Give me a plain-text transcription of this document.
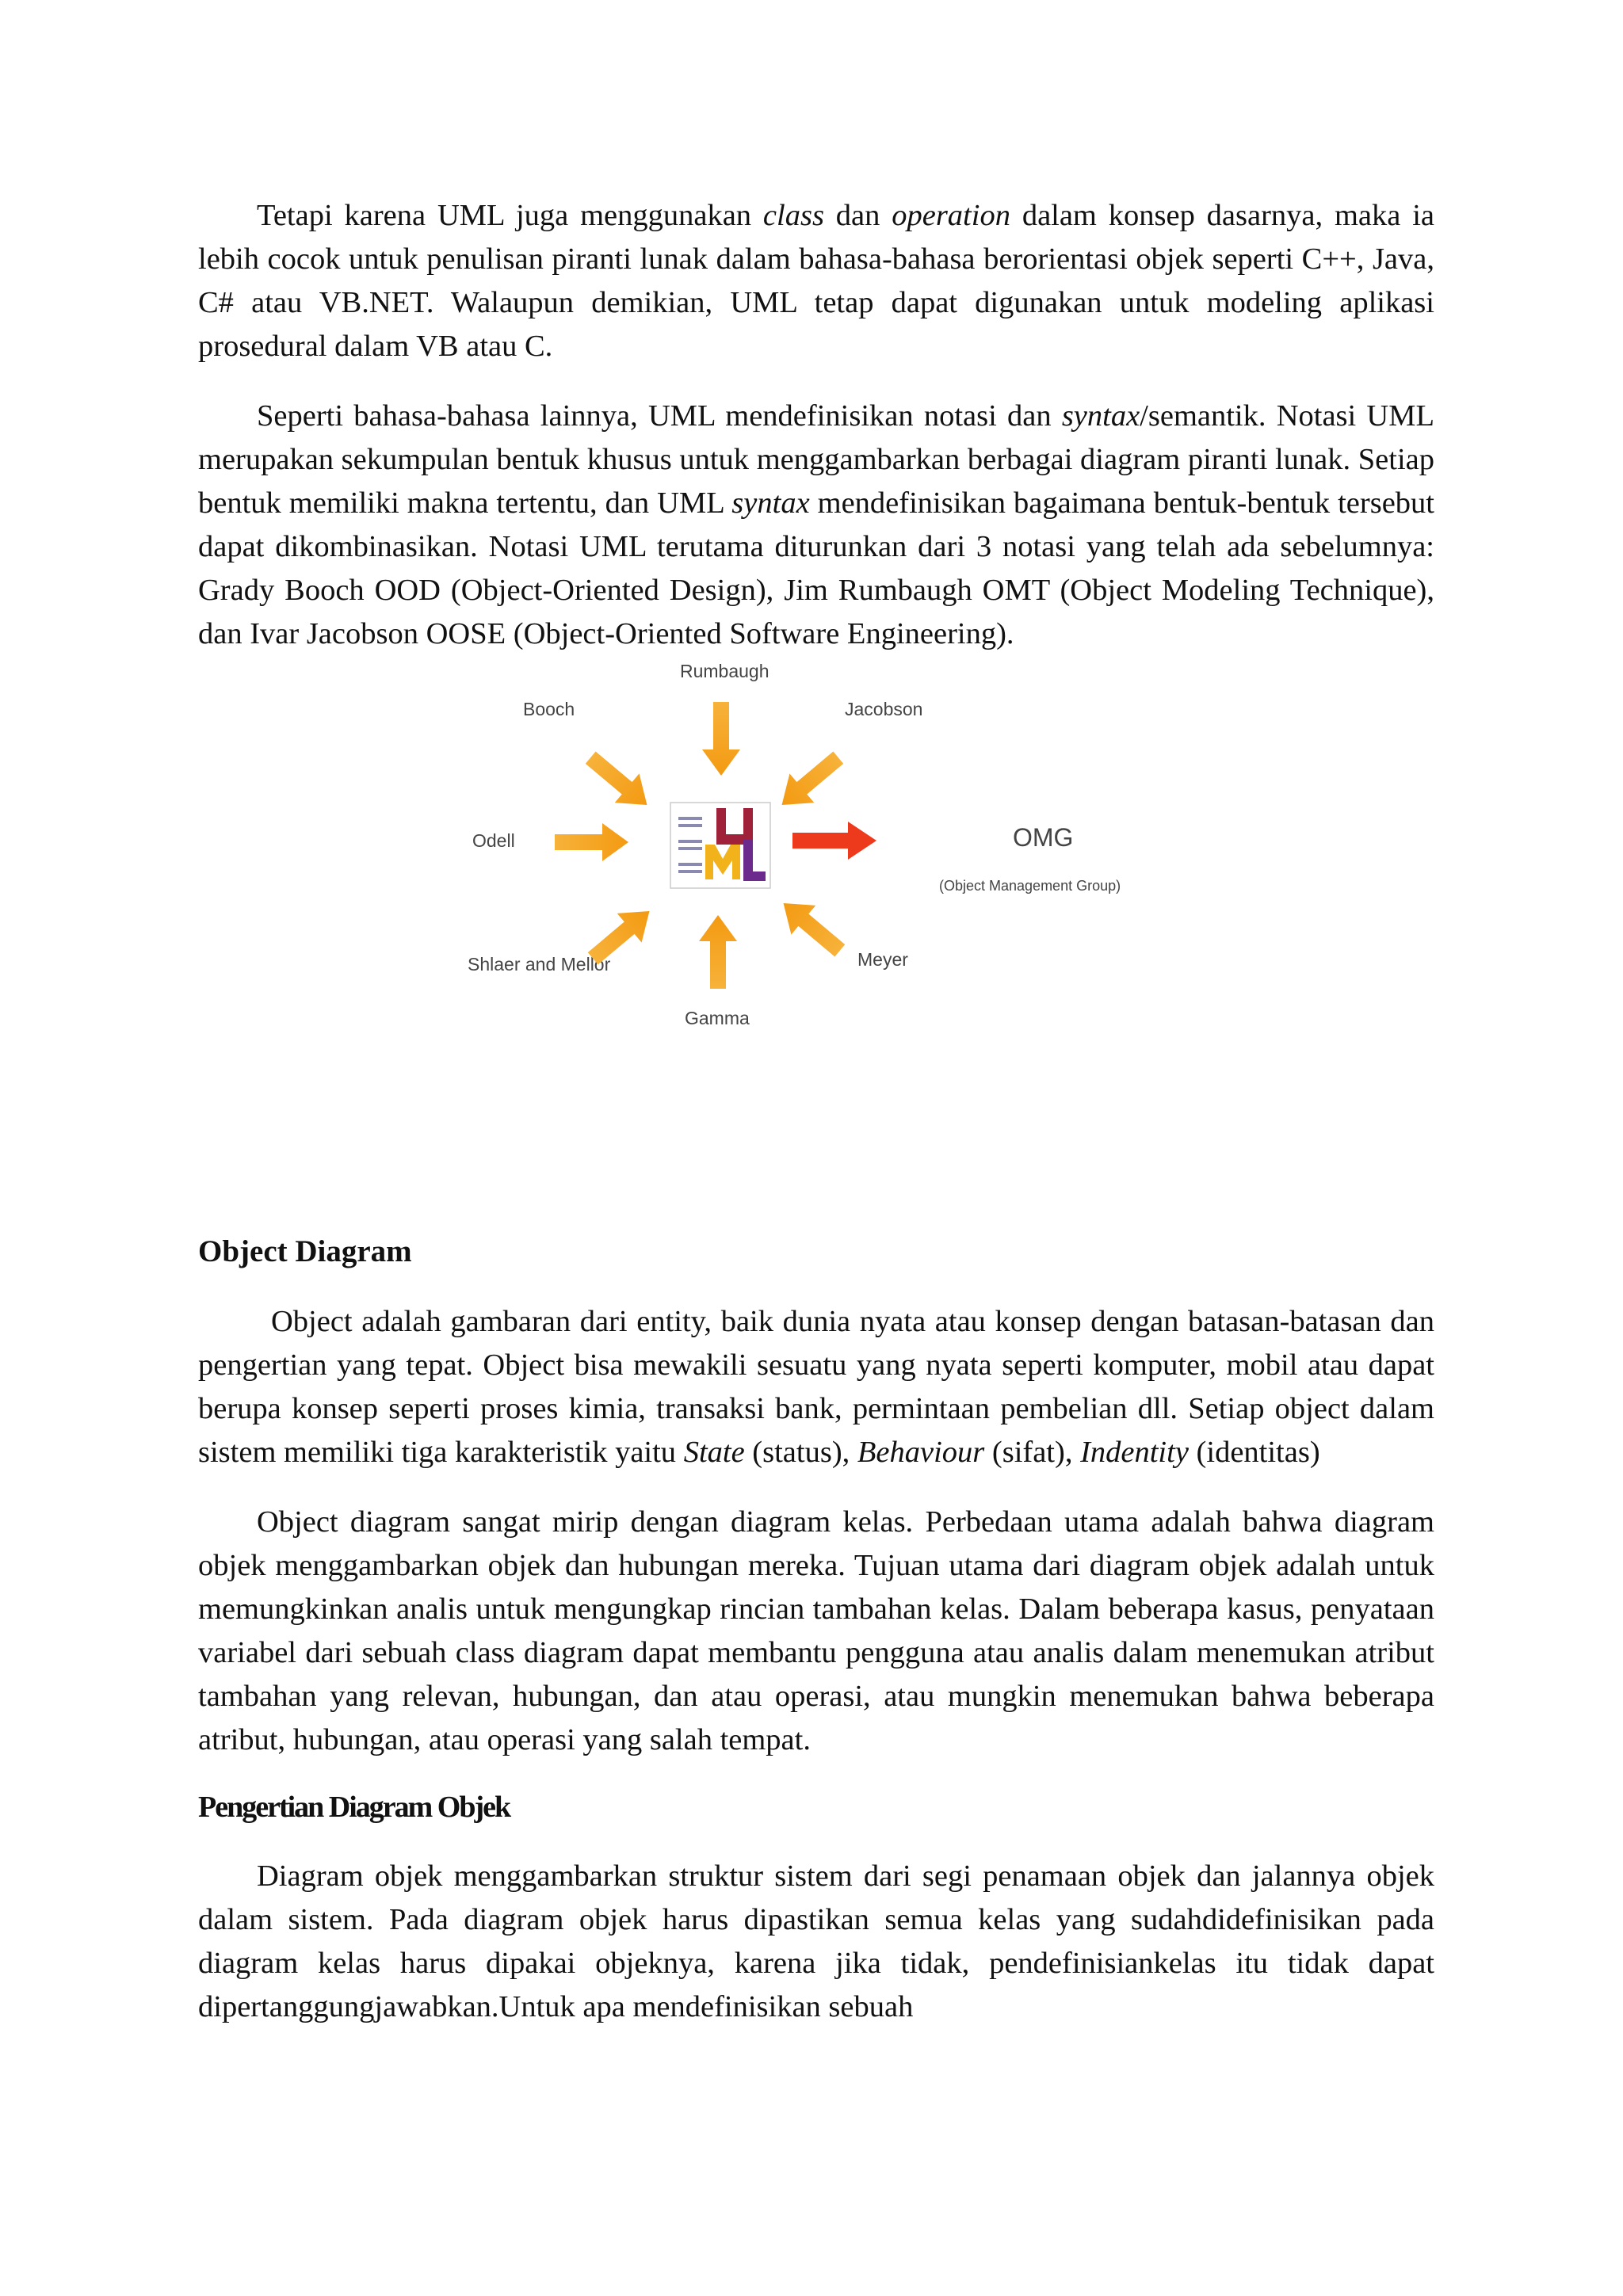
Tetapi karena UML juga menggunakan class dan operation dalam konsep dasarnya, maka ia lebih cocok untuk penulisan piranti lunak dalam bahasa-bahasa berorientasi objek seperti C++, Java, C# atau VB.NET. Walaupun demikian, UML tetap dapat digunakan untuk modeling aplikasi prosedural dalam VB atau C.

Seperti bahasa-bahasa lainnya, UML mendefinisikan notasi dan syntax/semantik. Notasi UML merupakan sekumpulan bentuk khusus untuk menggambarkan berbagai diagram piranti lunak. Setiap bentuk memiliki makna tertentu, dan UML syntax mendefinisikan bagaimana bentuk-bentuk tersebut dapat dikombinasikan. Notasi UML terutama diturunkan dari 3 notasi yang telah ada sebelumnya: Grady Booch OOD (Object-Oriented Design), Jim Rumbaugh OMT (Object Modeling Technique), dan Ivar Jacobson OOSE (Object-Oriented Software Engineering).

Rumbaugh
Booch	Jacobson
Odell
Shlaer and Mellor
Gamma
Meyer
UML
OMG
(Object Management Group)
Object Diagram

Object adalah gambaran dari entity, baik dunia nyata atau konsep dengan batasan-batasan dan pengertian yang tepat. Object bisa mewakili sesuatu yang nyata seperti komputer, mobil atau dapat berupa konsep seperti proses kimia, transaksi bank, permintaan pembelian dll. Setiap object dalam sistem memiliki tiga karakteristik yaitu State (status), Behaviour (sifat), Indentity (identitas)

Object diagram sangat mirip dengan diagram kelas. Perbedaan utama adalah bahwa diagram objek menggambarkan objek dan hubungan mereka. Tujuan utama dari diagram objek adalah untuk memungkinkan analis untuk mengungkap rincian tambahan kelas. Dalam beberapa kasus, penyataan variabel dari sebuah class diagram dapat membantu pengguna atau analis dalam menemukan atribut tambahan yang relevan, hubungan, dan atau operasi, atau mungkin menemukan bahwa beberapa atribut, hubungan, atau operasi yang salah tempat.

Pengertian Diagram Objek

Diagram objek menggambarkan struktur sistem dari segi penamaan objek dan jalannya objek dalam sistem. Pada diagram objek harus dipastikan semua kelas yang sudahdidefinisikan pada diagram kelas harus dipakai objeknya, karena jika tidak, pendefinisiankelas itu tidak dapat dipertanggungjawabkan.Untuk apa mendefinisikan sebuah
